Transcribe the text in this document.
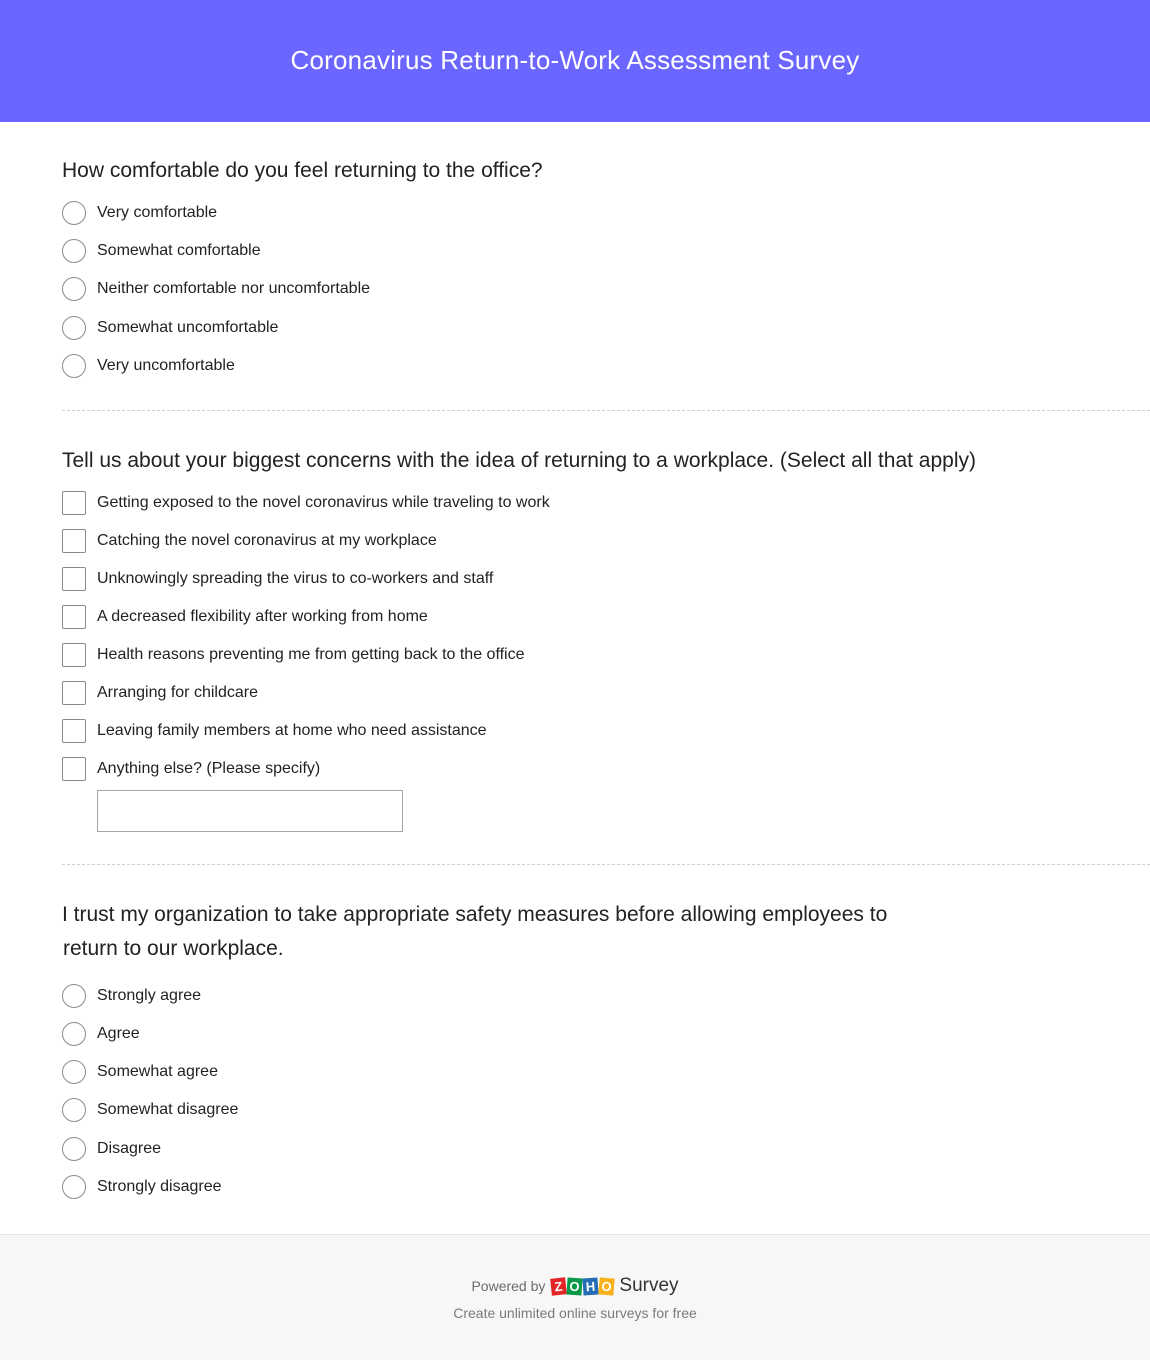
Coronavirus Return-to-Work Assessment Survey
How comfortable do you feel returning to the office?
Very comfortable
Somewhat comfortable
Neither comfortable nor uncomfortable
Somewhat uncomfortable
Very uncomfortable
Tell us about your biggest concerns with the idea of returning to a workplace. (Select all that apply)
Getting exposed to the novel coronavirus while traveling to work
Catching the novel coronavirus at my workplace
Unknowingly spreading the virus to co-workers and staff
A decreased flexibility after working from home
Health reasons preventing me from getting back to the office
Arranging for childcare
Leaving family members at home who need assistance
Anything else? (Please specify)
I trust my organization to take appropriate safety measures before allowing employees to
return to our workplace.
Strongly agree
Agree
Somewhat agree
Somewhat disagree
Disagree
Strongly disagree
Powered by Z O H O Survey
Create unlimited online surveys for free
